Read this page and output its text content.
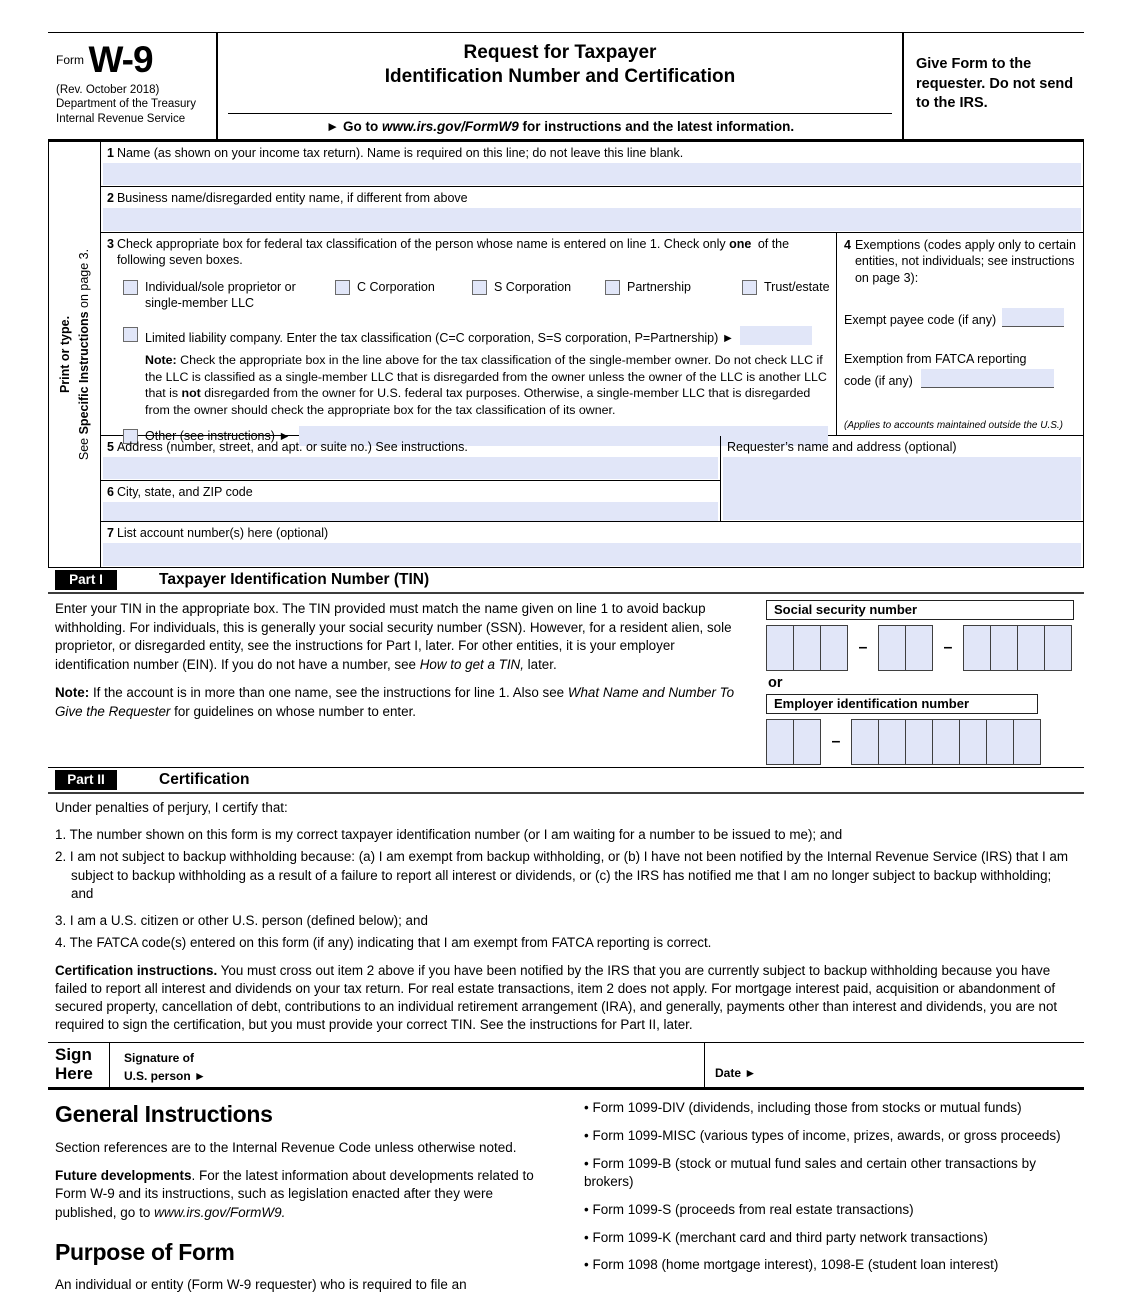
$^{Form}$ W-9
(Rev. October 2018)
Department of the Treasury
Internal Revenue Service
Request for Taxpayer
Identification Number and Certification
► Go to www.irs.gov/FormW9 for instructions and the latest information.
Give Form to the requester. Do not send to the IRS.
Print or type.
See Specific Instructions on page 3.
1 Name (as shown on your income tax return). Name is required on this line; do not leave this line blank.
2 Business name/disregarded entity name, if different from above
3 Check appropriate box for federal tax classification of the person whose name is entered on line 1. Check only one of the following seven boxes.
Individual/sole proprietor or single-member LLC
C Corporation	S Corporation	Partnership	Trust/estate
Limited liability company. Enter the tax classification (C=C corporation, S=S corporation, P=Partnership) ►
Note: Check the appropriate box in the line above for the tax classification of the single-member owner. Do not check LLC if the LLC is classified as a single-member LLC that is disregarded from the owner unless the owner of the LLC is another LLC that is not disregarded from the owner for U.S. federal tax purposes. Otherwise, a single-member LLC that is disregarded from the owner should check the appropriate box for the tax classification of its owner.
Other (see instructions) ►
4 Exemptions (codes apply only to certain entities, not individuals; see instructions on page 3):
Exempt payee code (if any)
Exemption from FATCA reporting
code (if any)
(Applies to accounts maintained outside the U.S.)
5 Address (number, street, and apt. or suite no.) See instructions.
6 City, state, and ZIP code
Requester’s name and address (optional)
7 List account number(s) here (optional)
Part I	Taxpayer Identification Number (TIN)
Enter your TIN in the appropriate box. The TIN provided must match the name given on line 1 to avoid backup withholding. For individuals, this is generally your social security number (SSN). However, for a resident alien, sole proprietor, or disregarded entity, see the instructions for Part I, later. For other entities, it is your employer identification number (EIN). If you do not have a number, see How to get a TIN, later.
Note: If the account is in more than one name, see the instructions for line 1. Also see What Name and Number To Give the Requester for guidelines on whose number to enter.
Social security number
–	–
or
Employer identification number
–
Part II	Certification
Under penalties of perjury, I certify that:
1. The number shown on this form is my correct taxpayer identification number (or I am waiting for a number to be issued to me); and
2. I am not subject to backup withholding because: (a) I am exempt from backup withholding, or (b) I have not been notified by the Internal Revenue Service (IRS) that I am subject to backup withholding as a result of a failure to report all interest or dividends, or (c) the IRS has notified me that I am no longer subject to backup withholding; and
3. I am a U.S. citizen or other U.S. person (defined below); and
4. The FATCA code(s) entered on this form (if any) indicating that I am exempt from FATCA reporting is correct.
Certification instructions. You must cross out item 2 above if you have been notified by the IRS that you are currently subject to backup withholding because you have failed to report all interest and dividends on your tax return. For real estate transactions, item 2 does not apply. For mortgage interest paid, acquisition or abandonment of secured property, cancellation of debt, contributions to an individual retirement arrangement (IRA), and generally, payments other than interest and dividends, you are not required to sign the certification, but you must provide your correct TIN. See the instructions for Part II, later.
Sign
Here
Signature of
U.S. person ►	Date ►
General Instructions
Section references are to the Internal Revenue Code unless otherwise noted.
Future developments. For the latest information about developments related to Form W-9 and its instructions, such as legislation enacted after they were published, go to www.irs.gov/FormW9.
Purpose of Form
An individual or entity (Form W-9 requester) who is required to file an
• Form 1099-DIV (dividends, including those from stocks or mutual funds)
• Form 1099-MISC (various types of income, prizes, awards, or gross proceeds)
• Form 1099-B (stock or mutual fund sales and certain other transactions by brokers)
• Form 1099-S (proceeds from real estate transactions)
• Form 1099-K (merchant card and third party network transactions)
• Form 1098 (home mortgage interest), 1098-E (student loan interest)
